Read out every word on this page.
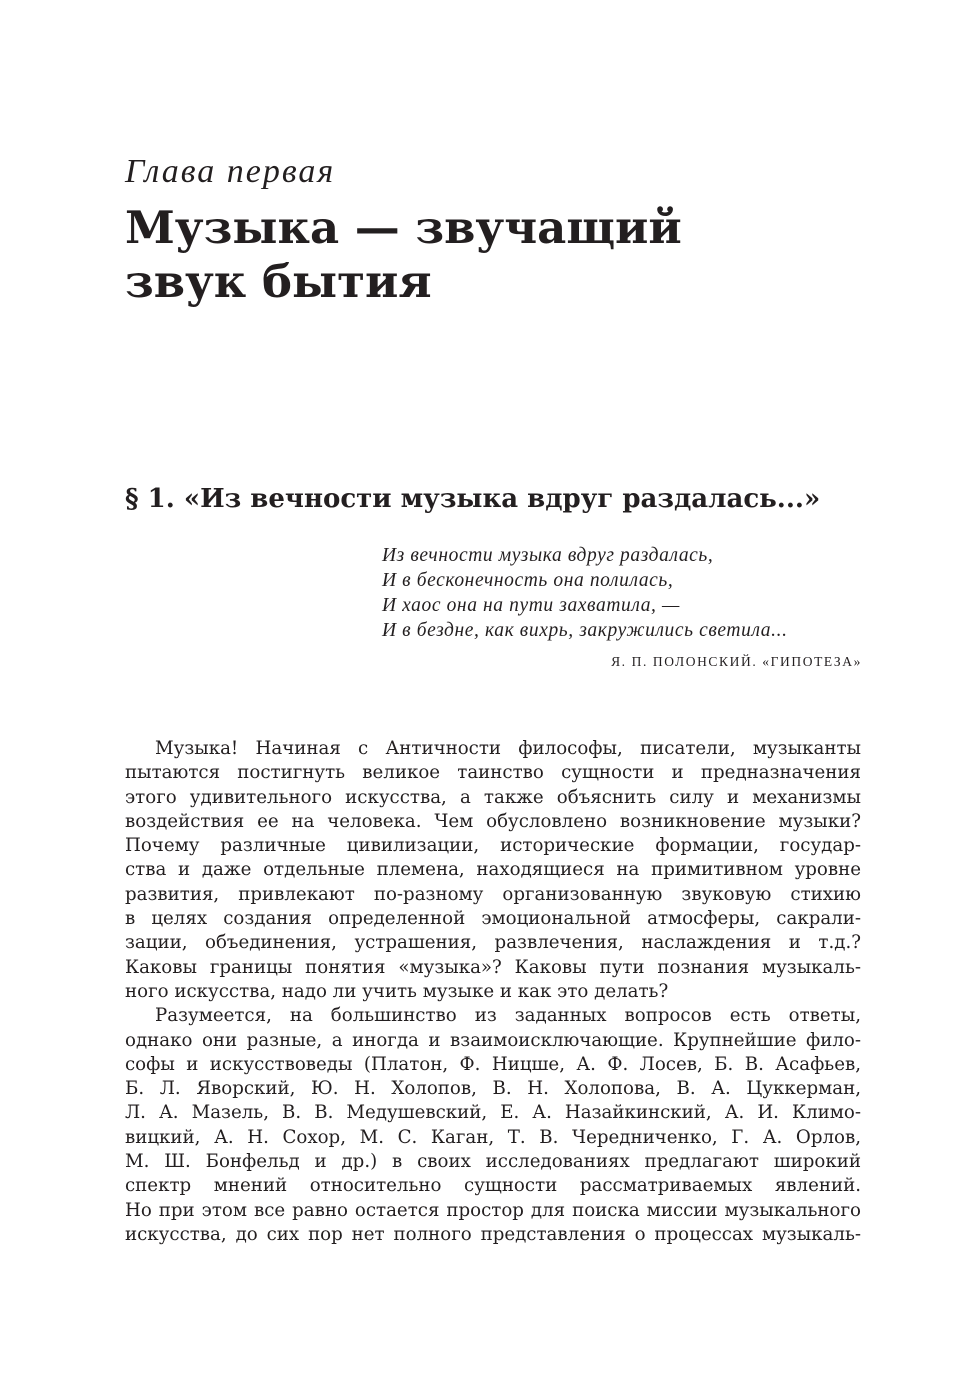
Глава первая
Музыка — звучащий
звук бытия
§ 1. «Из вечности музыка вдруг раздалась...»
Из вечности музыка вдруг раздалась,
И в бесконечность она полилась,
И хаос она на пути захватила, —
И в бездне, как вихрь, закружились светила...
Я. П. ПОЛОНСКИЙ. «ГИПОТЕЗА»
Музыка! Начиная с Античности философы, писатели, музыканты
пытаются постигнуть великое таинство сущности и предназначения
этого удивительного искусства, а также объяснить силу и механизмы
воздействия ее на человека. Чем обусловлено возникновение музыки?
Почему различные цивилизации, исторические формации, государ-
ства и даже отдельные племена, находящиеся на примитивном уровне
развития, привлекают по-разному организованную звуковую стихию
в целях создания определенной эмоциональной атмосферы, сакрали-
зации, объединения, устрашения, развлечения, наслаждения и т.д.?
Каковы границы понятия «музыка»? Каковы пути познания музыкаль-
ного искусства, надо ли учить музыке и как это делать?
Разумеется, на большинство из заданных вопросов есть ответы,
однако они разные, а иногда и взаимоисключающие. Крупнейшие фило-
софы и искусствоведы (Платон, Ф. Ницше, А. Ф. Лосев, Б. В. Асафьев,
Б. Л. Яворский, Ю. Н. Холопов, В. Н. Холопова, В. А. Цуккерман,
Л. А. Мазель, В. В. Медушевский, Е. А. Назайкинский, А. И. Климо-
вицкий, А. Н. Сохор, М. С. Каган, Т. В. Чередниченко, Г. А. Орлов,
М. Ш. Бонфельд и др.) в своих исследованиях предлагают широкий
спектр мнений относительно сущности рассматриваемых явлений.
Но при этом все равно остается простор для поиска миссии музыкального
искусства, до сих пор нет полного представления о процессах музыкаль-
